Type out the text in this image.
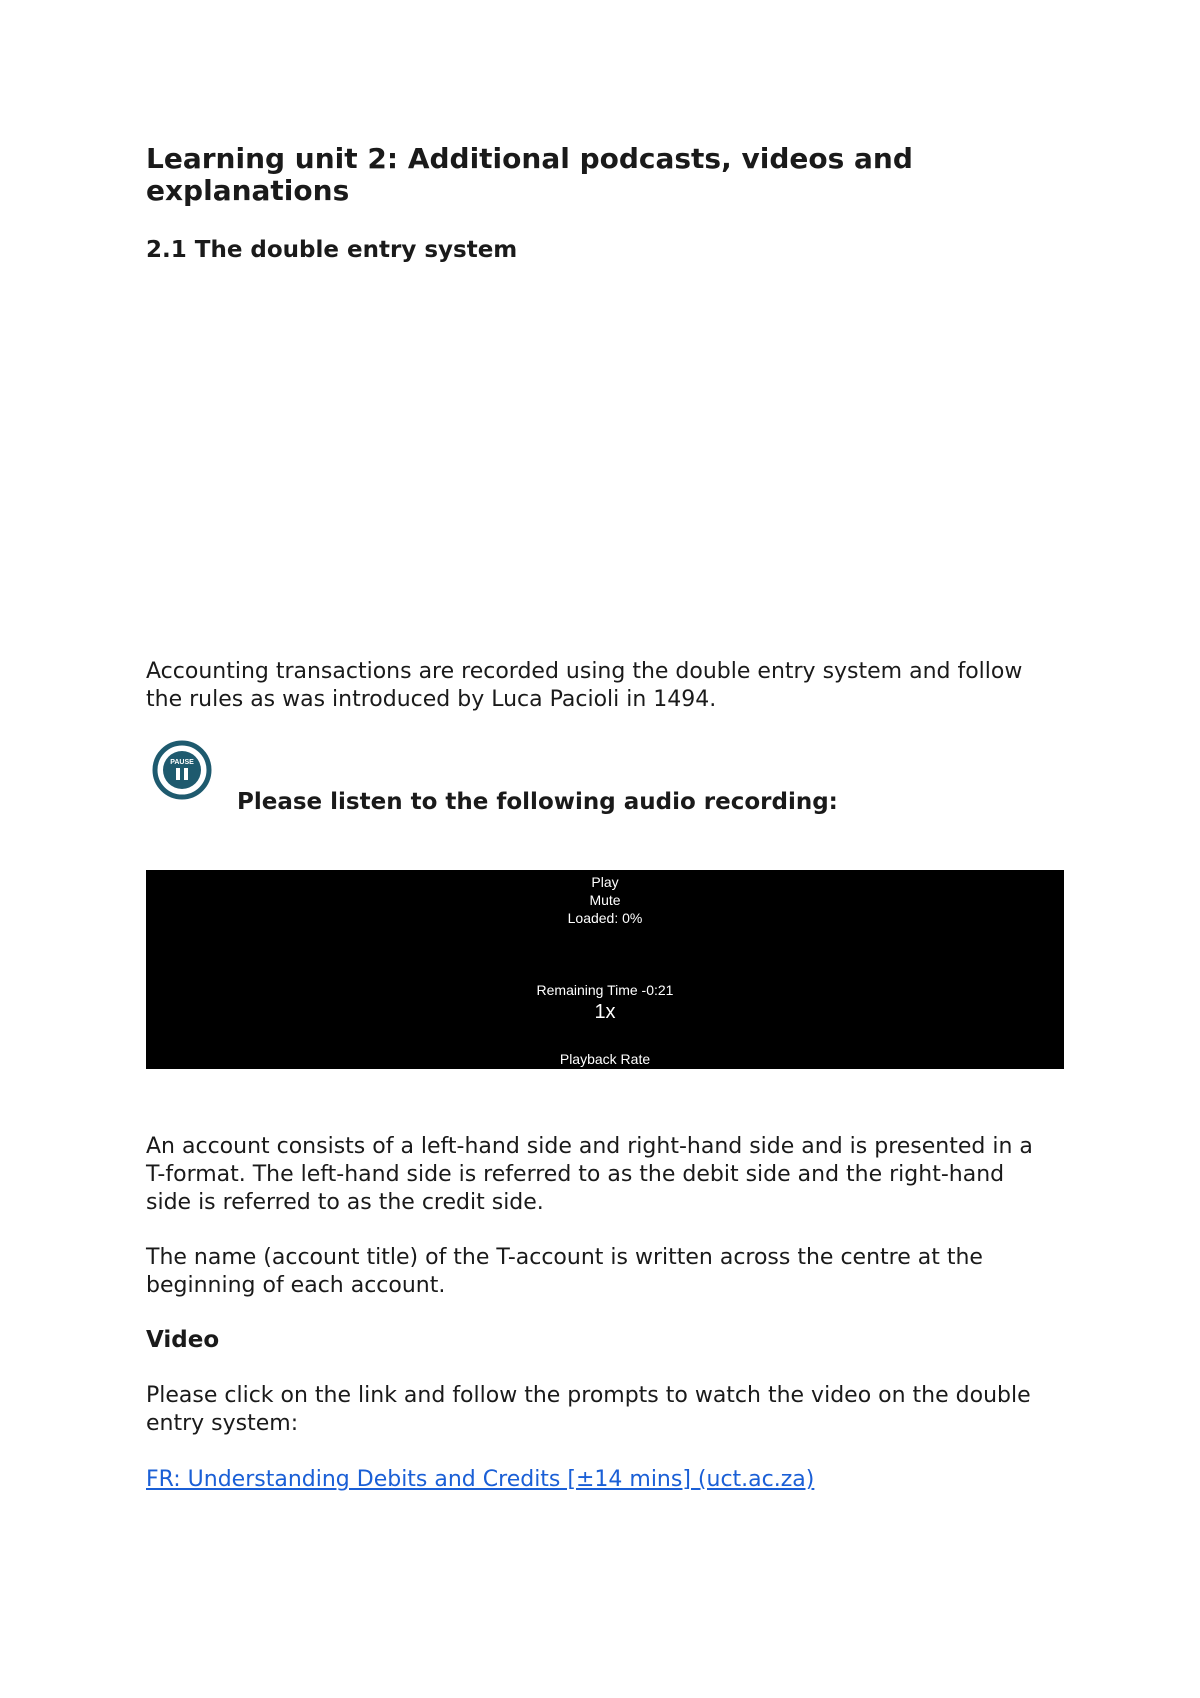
Learning unit 2: Additional podcasts, videos and explanations
2.1 The double entry system

Accounting transactions are recorded using the double entry system and follow the rules as was introduced by Luca Pacioli in 1494.

PAUSE

Please listen to the following audio recording:

Play
Mute
Loaded: 0%
Remaining Time -0:21
1x
Playback Rate

An account consists of a left-hand side and right-hand side and is presented in a T-format. The left-hand side is referred to as the debit side and the right-hand side is referred to as the credit side.

The name (account title) of the T-account is written across the centre at the beginning of each account.

Video

Please click on the link and follow the prompts to watch the video on the double entry system:

FR: Understanding Debits and Credits [±14 mins] (uct.ac.za)
